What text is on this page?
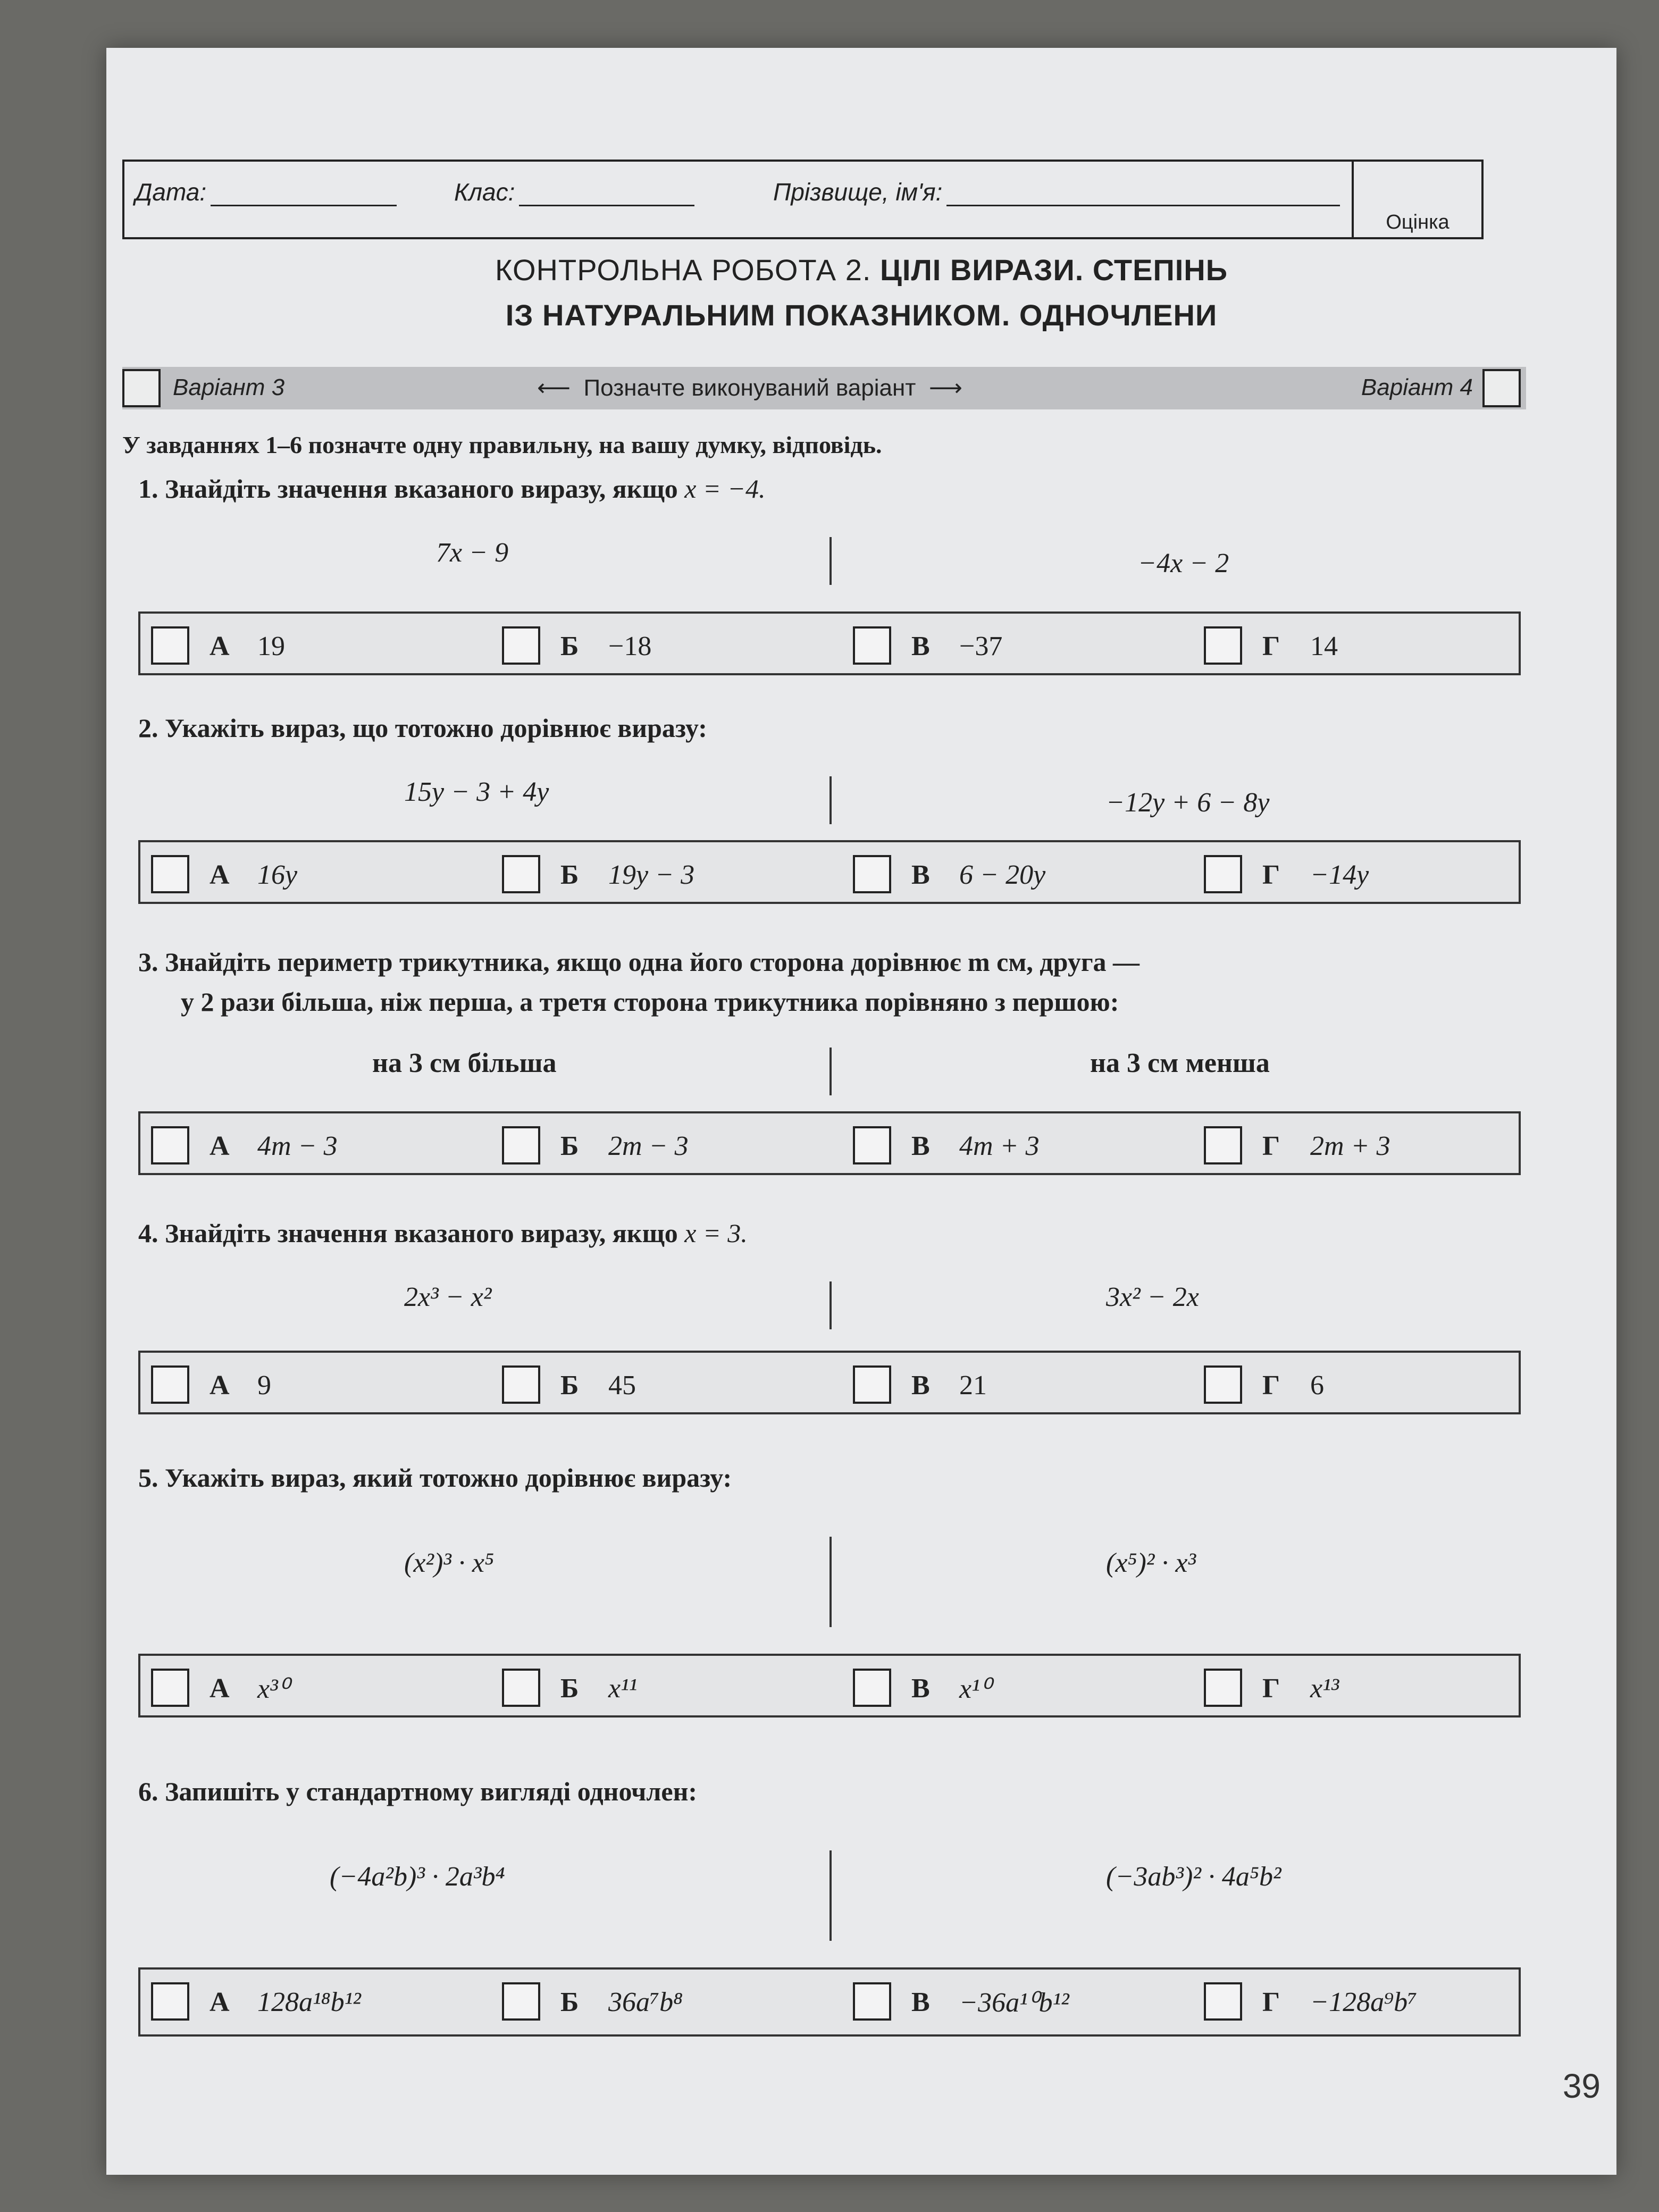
Дата:	Клас:	Прізвище, ім'я:
Оцінка
КОНТРОЛЬНА РОБОТА 2. ЦІЛІ ВИРАЗИ. СТЕПІНЬ
ІЗ НАТУРАЛЬНИМ ПОКАЗНИКОМ. ОДНОЧЛЕНИ
Варіант 3	⟵  Позначте виконуваний варіант  ⟶	Варіант 4
У завданнях 1–6 позначте одну правильну, на вашу думку, відповідь.
1. Знайдіть значення вказаного виразу, якщо x = −4.
7x − 9	−4x − 2
А 19	Б −18	В −37	Г 14
2. Укажіть вираз, що тотожно дорівнює виразу:
15y − 3 + 4y	−12y + 6 − 8y
А 16y	Б 19y − 3	В 6 − 20y	Г −14y
3. Знайдіть периметр трикутника, якщо одна його сторона дорівнює m см, друга —
у 2 рази більша, ніж перша, а третя сторона трикутника порівняно з першою:
на 3 см більша	на 3 см менша
А 4m − 3	Б 2m − 3	В 4m + 3	Г 2m + 3
4. Знайдіть значення вказаного виразу, якщо x = 3.
2x³ − x²	3x² − 2x
А 9	Б 45	В 21	Г 6
5. Укажіть вираз, який тотожно дорівнює виразу:
(x²)³ · x⁵	(x⁵)² · x³
А x³⁰	Б x¹¹	В x¹⁰	Г x¹³
6. Запишіть у стандартному вигляді одночлен:
(−4a²b)³ · 2a³b⁴	(−3ab³)² · 4a⁵b²
А 128a¹⁸b¹²	Б 36a⁷b⁸	В −36a¹⁰b¹²	Г −128a⁹b⁷
39
